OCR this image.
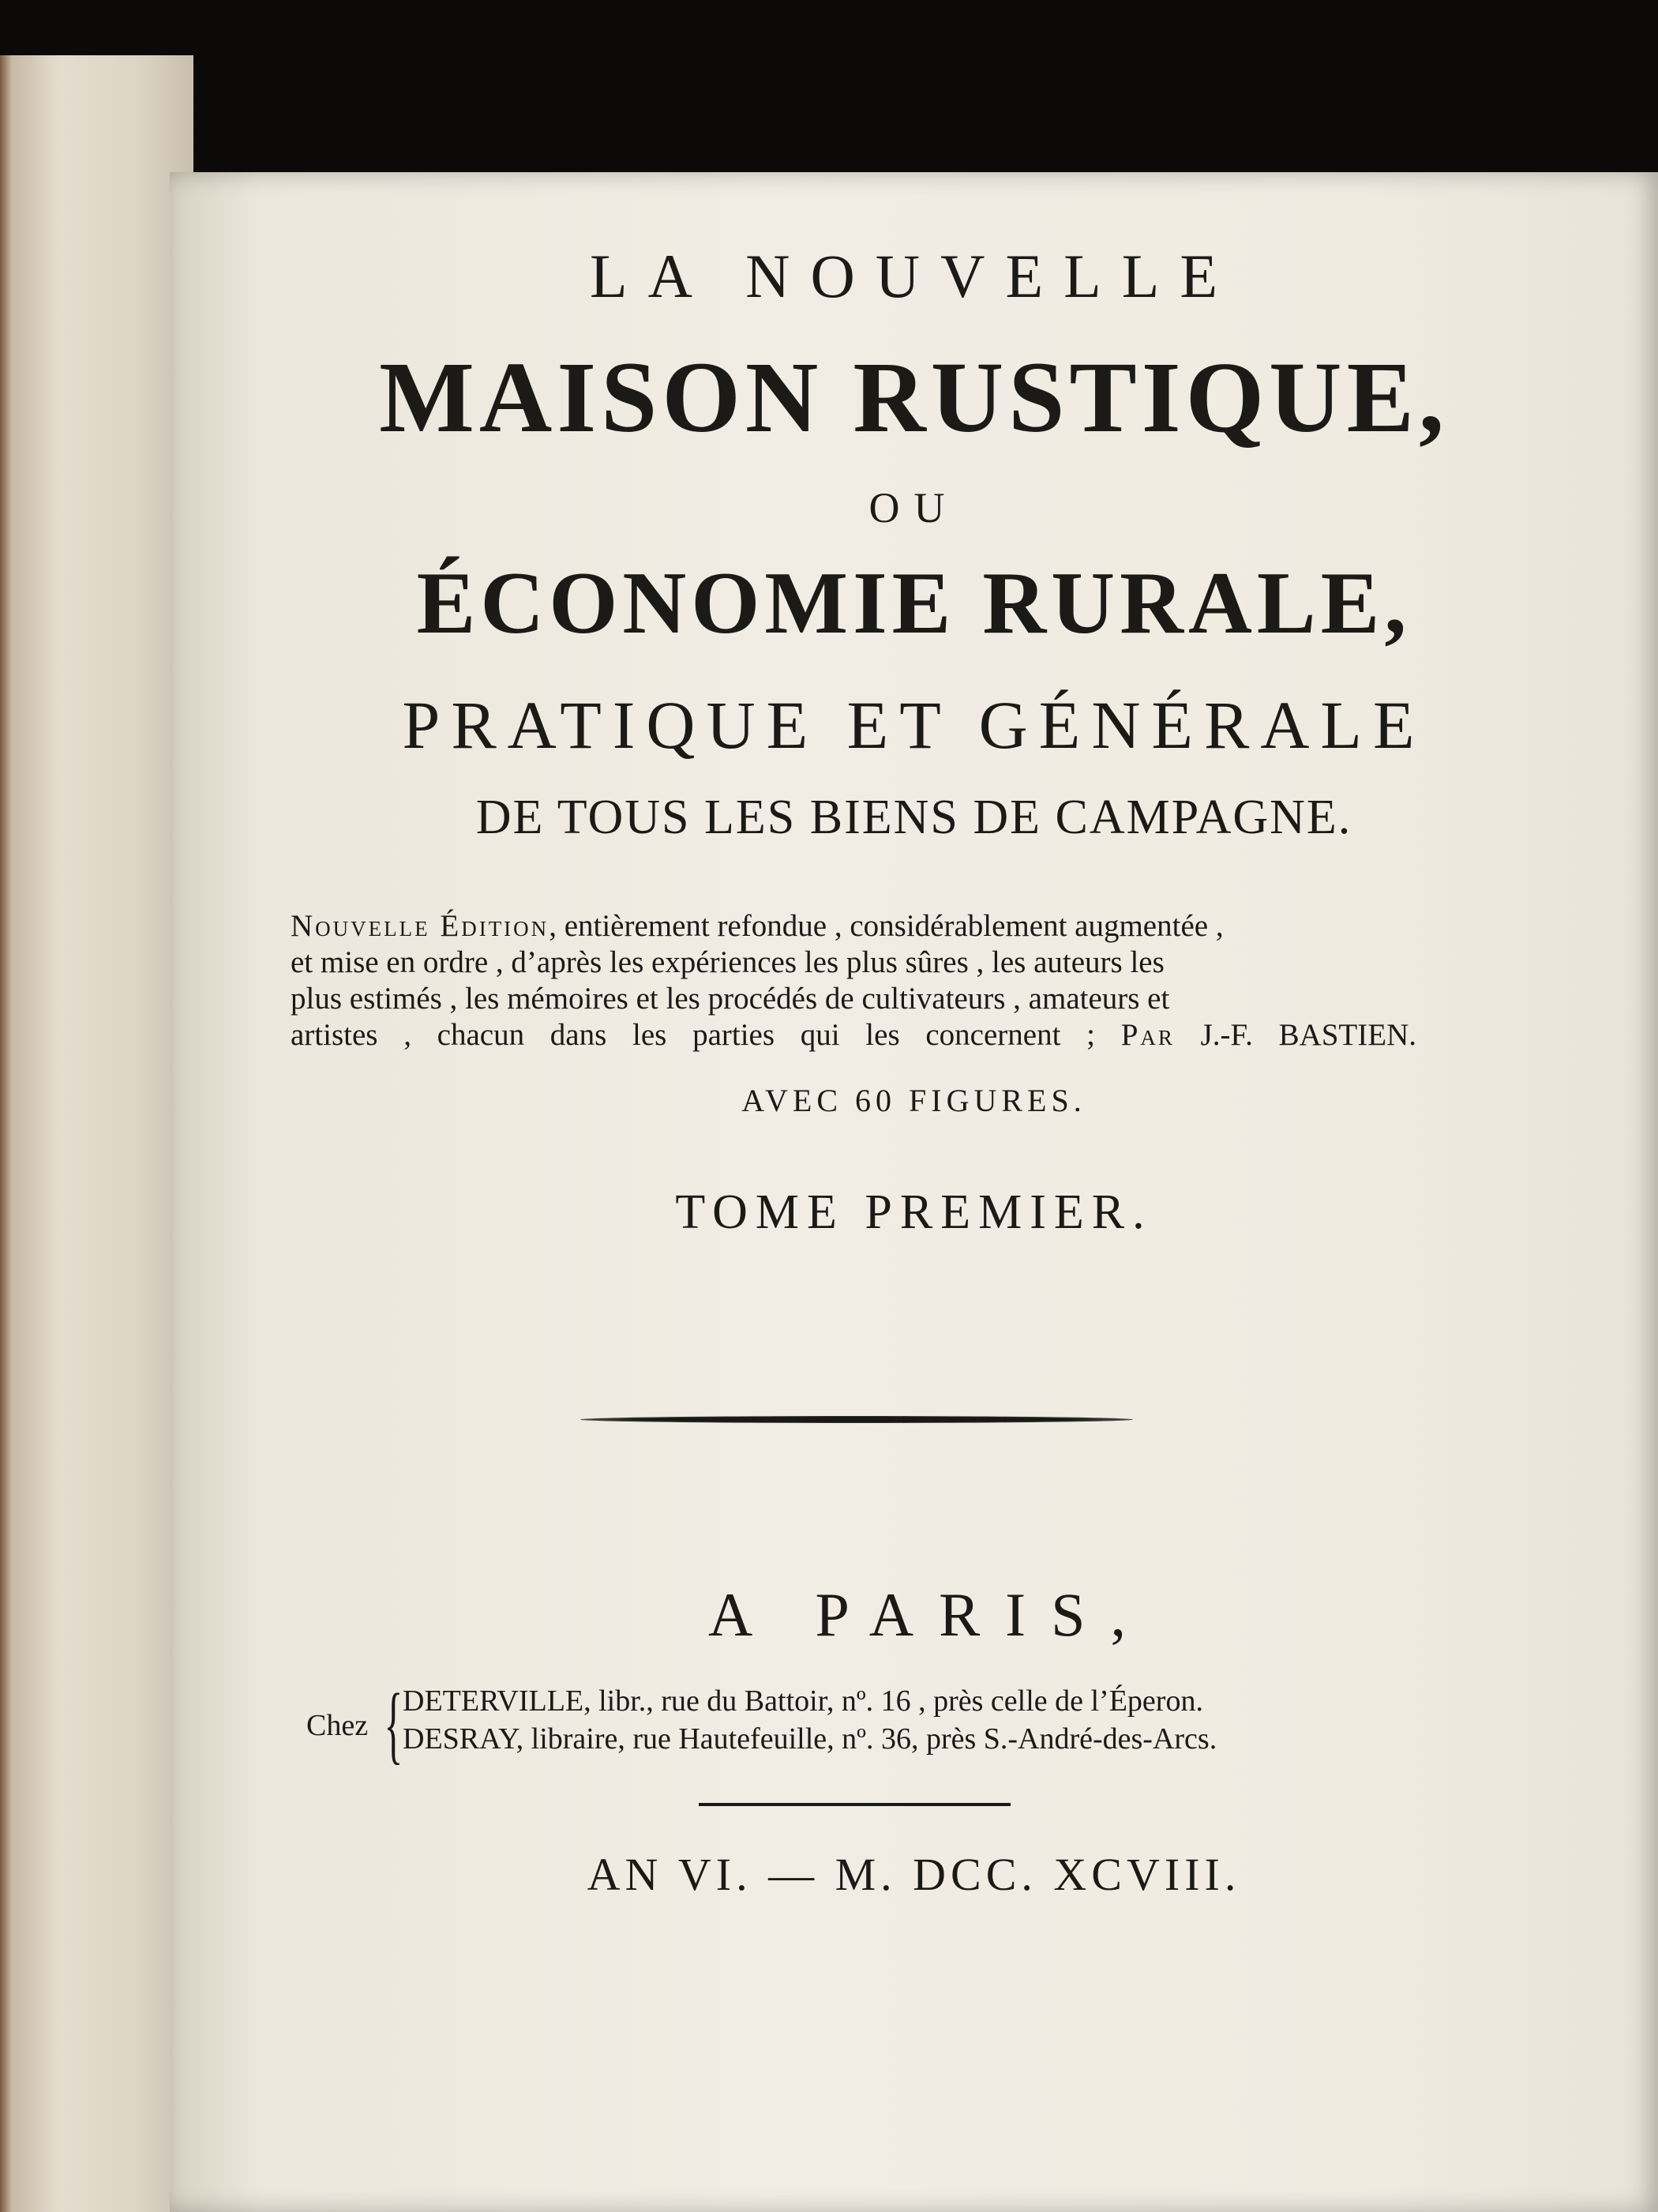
LA NOUVELLE
MAISON RUSTIQUE,
OU
ÉCONOMIE RURALE,
PRATIQUE ET GÉNÉRALE
DE TOUS LES BIENS DE CAMPAGNE.
Nouvelle Édition, entièrement refondue , considérablement augmentée ,
et mise en ordre , d’après les expériences les plus sûres , les auteurs les
plus estimés , les mémoires et les procédés de cultivateurs , amateurs et
artistes , chacun dans les parties qui les concernent ; Par J.-F. BASTIEN.
AVEC 60 FIGURES.
TOME PREMIER.
A PARIS,
Chez { DETERVILLE, libr., rue du Battoir, nº. 16 , près celle de l’Éperon.
DESRAY, libraire, rue Hautefeuille, nº. 36, près S.-André-des-Arcs.
AN VI. — M. DCC. XCVIII.
